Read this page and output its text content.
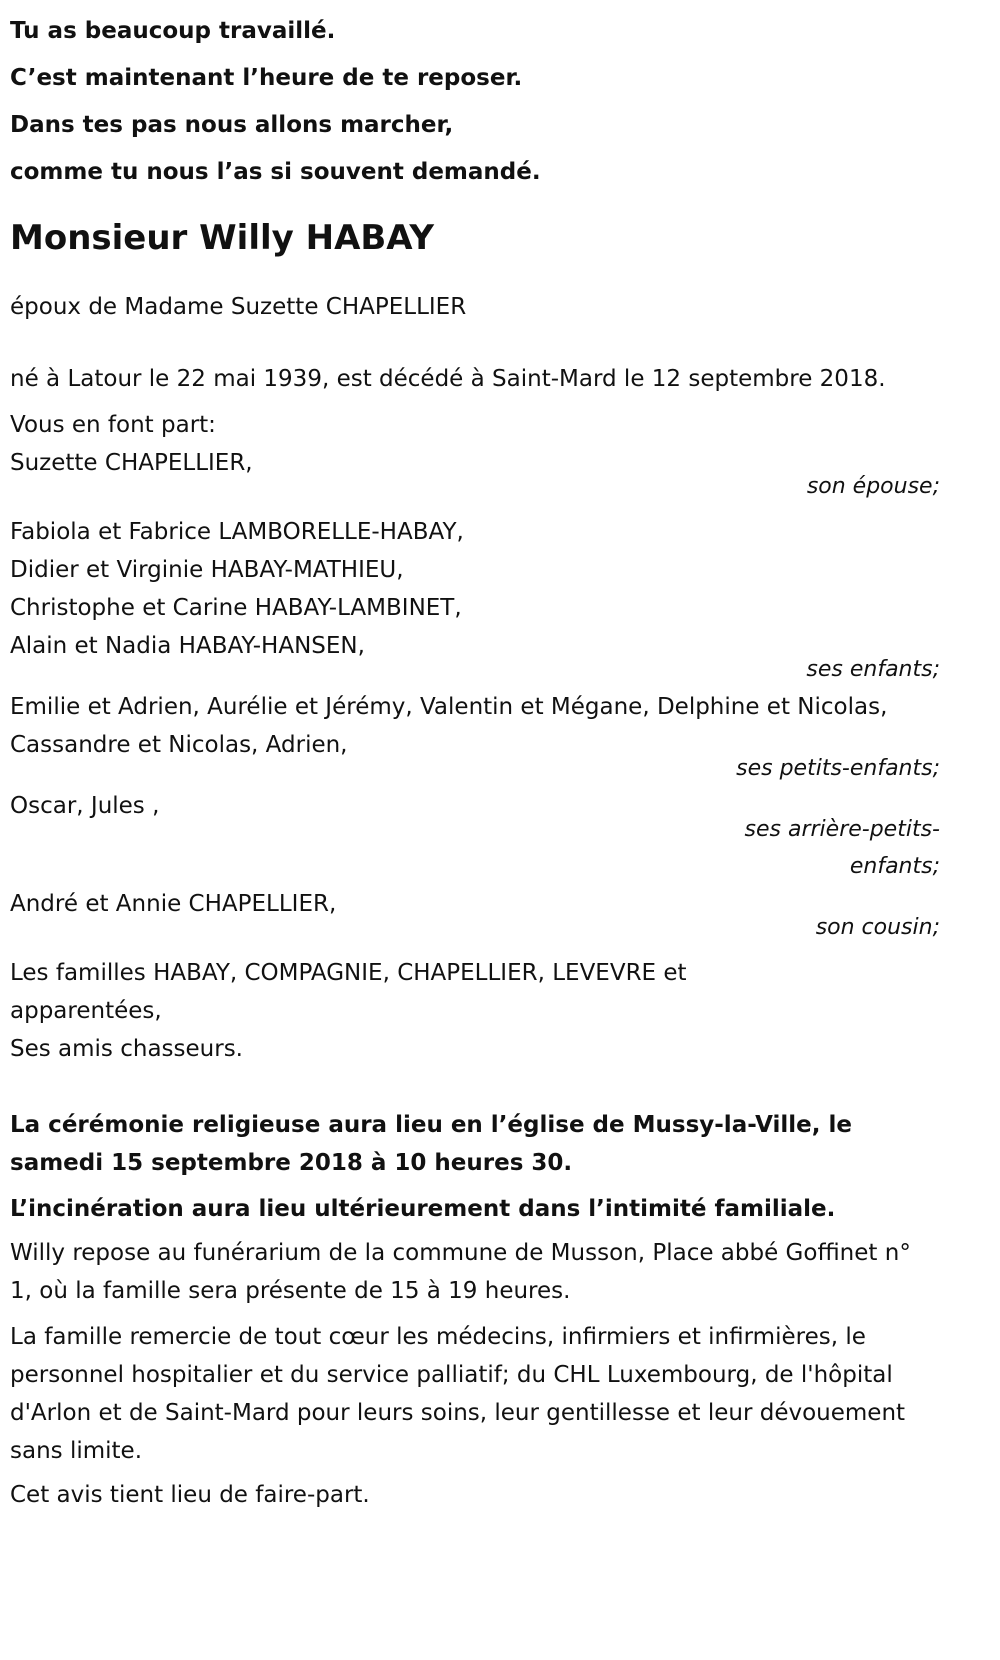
Tu as beaucoup travaillé.
C’est maintenant l’heure de te reposer.
Dans tes pas nous allons marcher,
comme tu nous l’as si souvent demandé.
Monsieur Willy HABAY
époux de Madame Suzette CHAPELLIER
né à Latour le 22 mai 1939, est décédé à Saint-Mard le 12 septembre 2018.
Vous en font part:
Suzette CHAPELLIER,
son épouse;
Fabiola et Fabrice LAMBORELLE-HABAY,
Didier et Virginie HABAY-MATHIEU,
Christophe et Carine HABAY-LAMBINET,
Alain et Nadia HABAY-HANSEN,
ses enfants;
Emilie et Adrien, Aurélie et Jérémy, Valentin et Mégane, Delphine et Nicolas, Cassandre et Nicolas, Adrien,
ses petits-enfants;
Oscar, Jules ,
ses arrière-petits-enfants;
André et Annie CHAPELLIER,
son cousin;
Les familles HABAY, COMPAGNIE, CHAPELLIER, LEVEVRE et apparentées,
Ses amis chasseurs.
La cérémonie religieuse aura lieu en l’église de Mussy-la-Ville, le samedi 15 septembre 2018 à 10 heures 30.
L’incinération aura lieu ultérieurement dans l’intimité familiale.
Willy repose au funérarium de la commune de Musson, Place abbé Goffinet n° 1, où la famille sera présente de 15 à 19 heures.
La famille remercie de tout cœur les médecins, infirmiers et infirmières, le personnel hospitalier et du service palliatif; du CHL Luxembourg, de l'hôpital d'Arlon et de Saint-Mard pour leurs soins, leur gentillesse et leur dévouement sans limite.
Cet avis tient lieu de faire-part.
